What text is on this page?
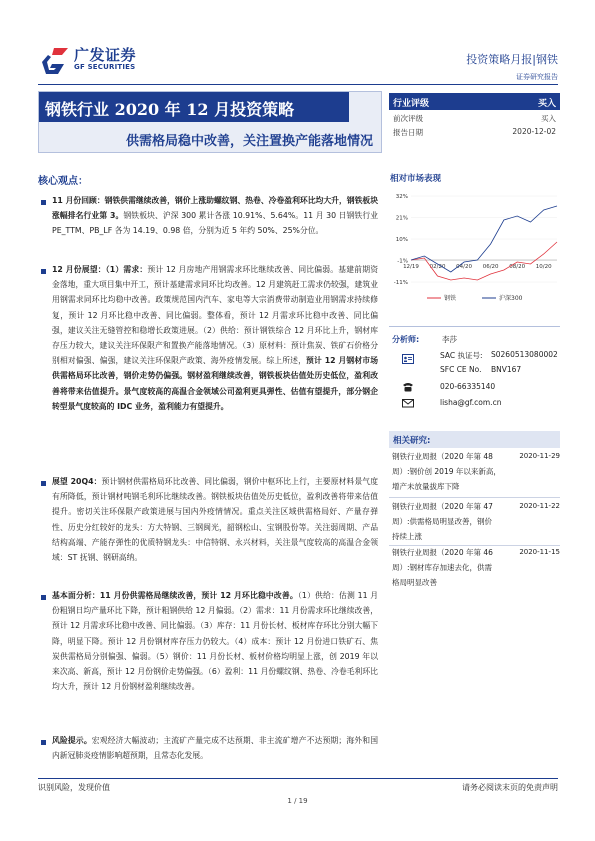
广发证券
GF SECURITIES
投资策略月报|钢铁
证券研究报告
钢铁行业 2020 年 12 月投资策略
供需格局稳中改善，关注置换产能落地情况
行业评级	买入
前次评级	买入
报告日期	2020-12-02
相对市场表现
32%
21%
10%
-1%
-11%
12/19 02/20 04/20 06/20 08/20 10/20
钢铁	沪深300
分析师:	李莎
SAC 执证号: S0260513080002
SFC CE No. BNV167
020-66335140
lisha@gf.com.cn
相关研究:
钢铁行业周报（2020 年第 48
周）:钢价创 2019 年以来新高，
增产未放量拔库下降
2020-11-29
钢铁行业周报（2020 年第 47
周）:供需格局明显改善，钢价
持续上涨
2020-11-22
钢铁行业周报（2020 年第 46
周）:钢材库存加速去化，供需
格局明显改善
2020-11-15
核心观点：
11 月份回顾：钢铁供需继续改善，钢价上涨助螺纹钢、热卷、冷卷盈利环比均大升，钢铁板块涨幅排名行业第 3。钢铁板块、沪深 300 累计各涨 10.91%、5.64%。11 月 30 日钢铁行业 PE_TTM、PB_LF 各为 14.19、0.98 倍，分别为近 5 年约 50%、25%分位。
12 月份展望：（1）需求：预计 12 月房地产用钢需求环比继续改善、同比偏弱。基建前期资金落地，重大项目集中开工，预计基建需求同环比均改善。12 月建筑赶工需求仍较强，建筑业用钢需求同环比均稳中改善。政策规范国内汽车、家电等大宗消费带动制造业用钢需求持续修复，预计 12 月环比稳中改善、同比偏弱。整体看，预计 12 月需求环比稳中改善、同比偏强，建议关注无缝管控和稳增长政策进展。（2）供给：预计钢铁综合 12 月环比上升，钢材库存压力较大，建议关注环保限产和置换产能落地情况。（3）原材料：预计焦炭、铁矿石价格分别相对偏强、偏强，建议关注环保限产政策、海外疫情发展。综上所述，预计 12 月钢材市场供需格局环比改善，钢价走势仍偏强。钢材盈利继续改善，钢铁板块估值处历史低位，盈利改善将带来估值提升。景气度较高的高温合金领域公司盈利更具弹性、估值有望提升，部分钢企转型景气度较高的 IDC 业务，盈利能力有望提升。
展望 20Q4：预计钢材供需格局环比改善、同比偏弱，钢价中枢环比上行，主要原材料景气度有所降低，预计钢材吨钢毛利环比继续改善。钢铁板块估值处历史低位，盈利改善将带来估值提升。密切关注环保限产政策进展与国内外疫情情况。重点关注区域供需格局好、产量存弹性、历史分红较好的龙头：方大特钢、三钢闽光，韶钢松山、宝钢股份等。关注弱周期、产品结构高端、产能存弹性的优质特钢龙头：中信特钢、永兴材料，关注景气度较高的高温合金领域：ST 抚钢、钢研高纳。
基本面分析：11 月份供需格局继续改善，预计 12 月环比稳中改善。（1）供给：估测 11 月份粗钢日均产量环比下降，预计粗钢供给 12 月偏弱。（2）需求：11 月份需求环比继续改善，预计 12 月需求环比稳中改善、同比偏弱。（3）库存：11 月份长材、板材库存环比分别大幅下降，明显下降。预计 12 月份钢材库存压力仍较大。（4）成本：预计 12 月份进口铁矿石、焦炭供需格局分别偏强、偏弱。（5）钢价：11 月份长材、板材价格均明显上涨，创 2019 年以来次高、新高，预计 12 月份钢价走势偏强。（6）盈利：11 月份螺纹钢、热卷、冷卷毛利环比均大升，预计 12 月份钢材盈利继续改善。
风险提示。宏观经济大幅波动；主流矿产量完成不达预期、非主流矿增产不达预期；海外和国内新冠肺炎疫情影响超预期，且常态化发展。
识别风险，发现价值	请务必阅读末页的免责声明
1 / 19
